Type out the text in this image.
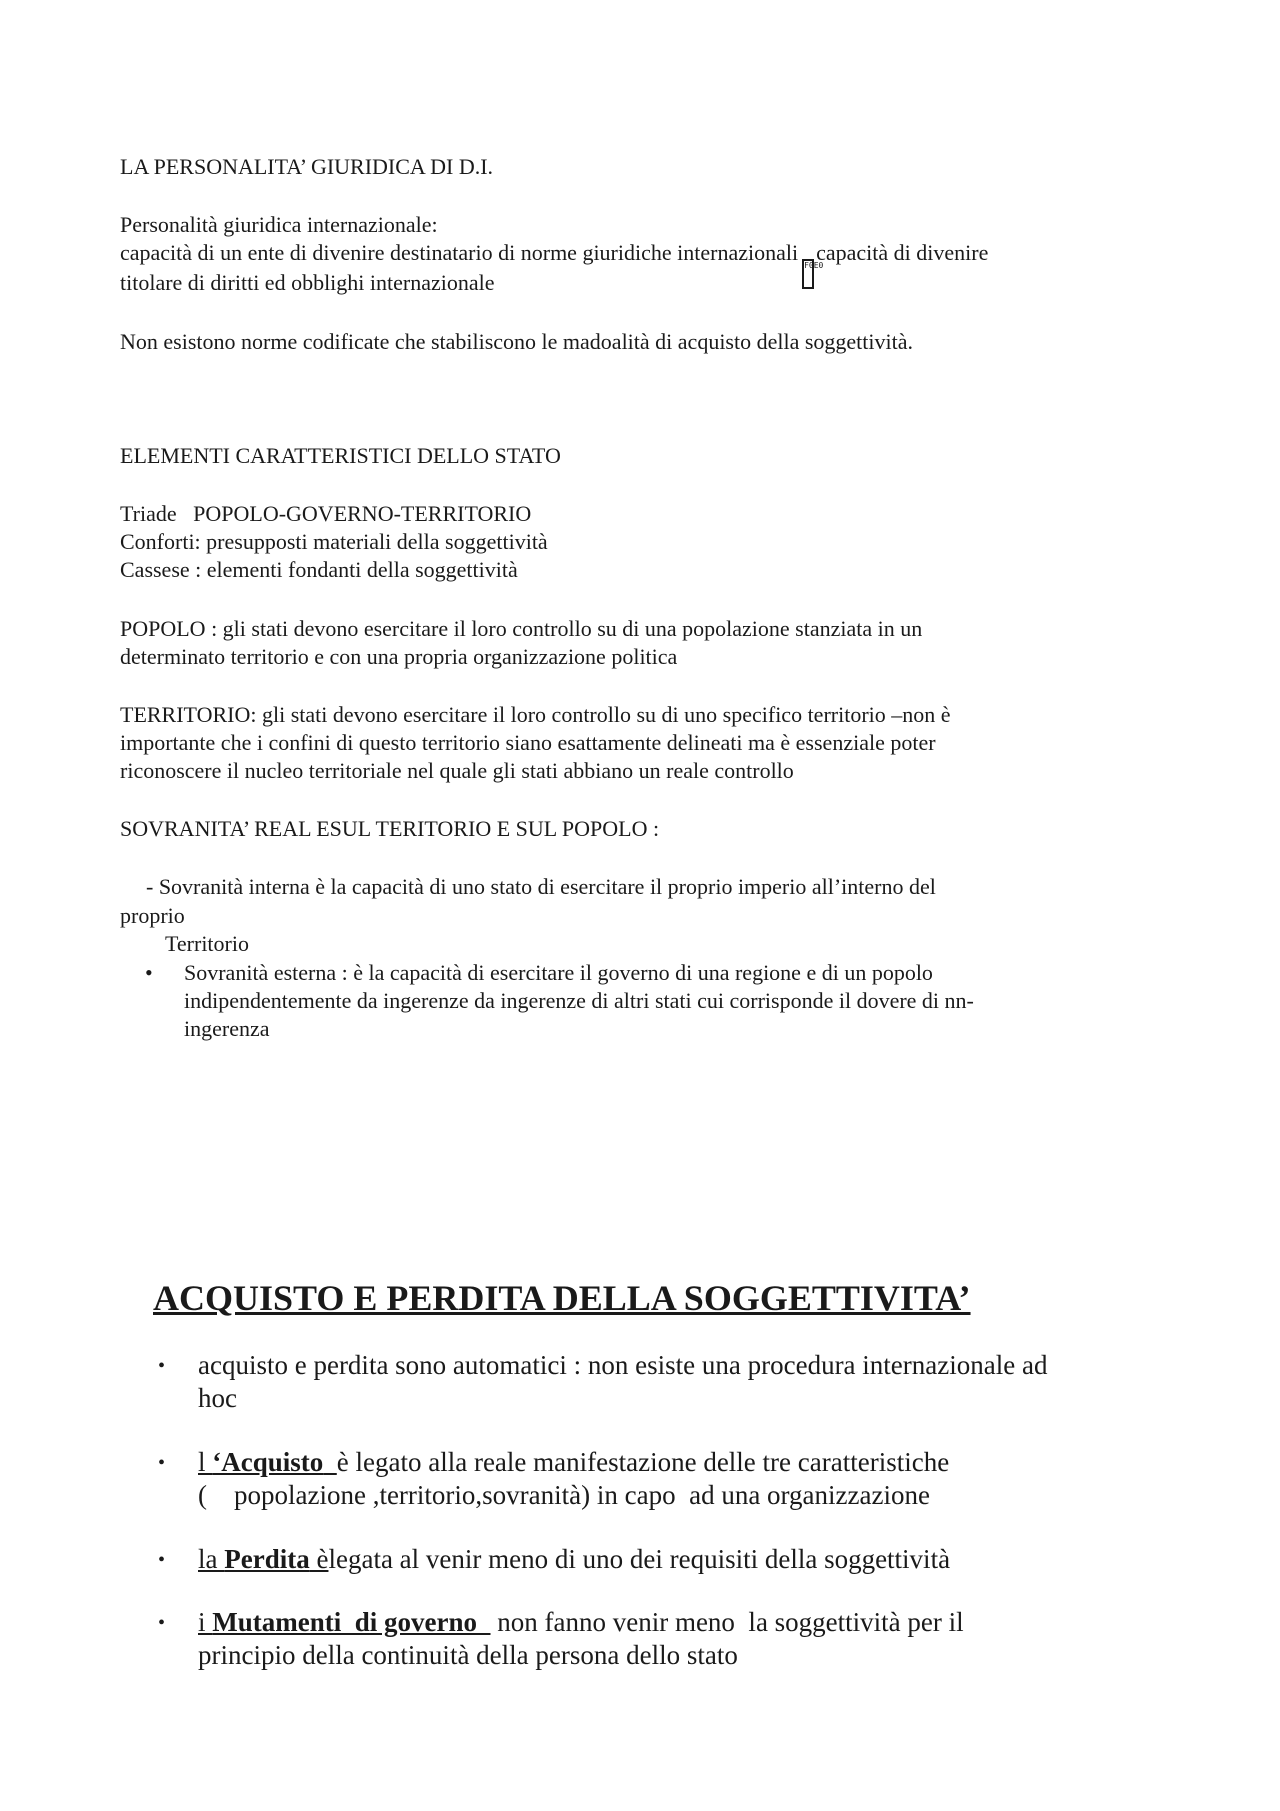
LA PERSONALITA’ GIURIDICA DI D.I.
Personalità giuridica internazionale:
capacità di un ente di divenire destinatario di norme giuridiche internazionaliF0E0capacità di divenire
titolare di diritti ed obblighi internazionale
Non esistono norme codificate che stabiliscono le madoalità di acquisto della soggettività.
ELEMENTI CARATTERISTICI DELLO STATO
Triade   POPOLO-GOVERNO-TERRITORIO
Conforti: presupposti materiali della soggettività
Cassese : elementi fondanti della soggettività
POPOLO : gli stati devono esercitare il loro controllo su di una popolazione stanziata in un
determinato territorio e con una propria organizzazione politica
TERRITORIO: gli stati devono esercitare il loro controllo su di uno specifico territorio –non è
importante che i confini di questo territorio siano esattamente delineati ma è essenziale poter
riconoscere il nucleo territoriale nel quale gli stati abbiano un reale controllo
SOVRANITA’ REAL ESUL TERITORIO E SUL POPOLO :
- Sovranità interna è la capacità di uno stato di esercitare il proprio imperio all’interno del
proprio
Territorio
• Sovranità esterna : è la capacità di esercitare il governo di una regione e di un popolo
indipendentemente da ingerenze da ingerenze di altri stati cui corrisponde il dovere di nn-
ingerenza
ACQUISTO E PERDITA DELLA SOGGETTIVITA’
• acquisto e perdita sono automatici : non esiste una procedura internazionale ad
hoc
• l ‘Acquisto è legato alla reale manifestazione delle tre caratteristiche
(    popolazione ,territorio,sovranità) in capo  ad una organizzazione
• la Perdita èlegata al venir meno di uno dei requisiti della soggettività
• i Mutamenti  di governo   non fanno venir meno  la soggettività per il
principio della continuità della persona dello stato
